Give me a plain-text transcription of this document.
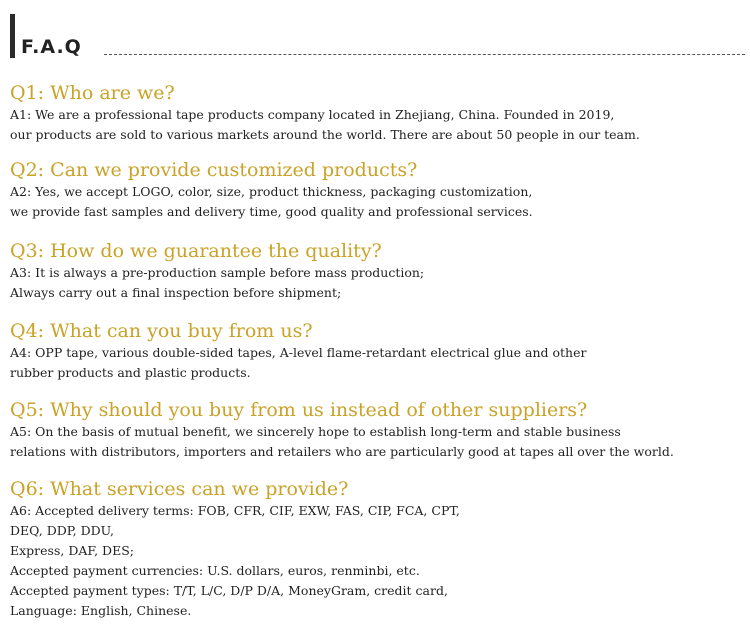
F.A.Q
Q1: Who are we?
A1: We are a professional tape products company located in Zhejiang, China. Founded in 2019,
our products are sold to various markets around the world. There are about 50 people in our team.
Q2: Can we provide customized products?
A2: Yes, we accept LOGO, color, size, product thickness, packaging customization,
we provide fast samples and delivery time, good quality and professional services.
Q3: How do we guarantee the quality?
A3: It is always a pre-production sample before mass production;
Always carry out a final inspection before shipment;
Q4: What can you buy from us?
A4: OPP tape, various double-sided tapes, A-level flame-retardant electrical glue and other
rubber products and plastic products.
Q5: Why should you buy from us instead of other suppliers?
A5: On the basis of mutual benefit, we sincerely hope to establish long-term and stable business
relations with distributors, importers and retailers who are particularly good at tapes all over the world.
Q6: What services can we provide?
A6: Accepted delivery terms: FOB, CFR, CIF, EXW, FAS, CIP, FCA, CPT,
DEQ, DDP, DDU,
Express, DAF, DES;
Accepted payment currencies: U.S. dollars, euros, renminbi, etc.
Accepted payment types: T/T, L/C, D/P D/A, MoneyGram, credit card,
Language: English, Chinese.
